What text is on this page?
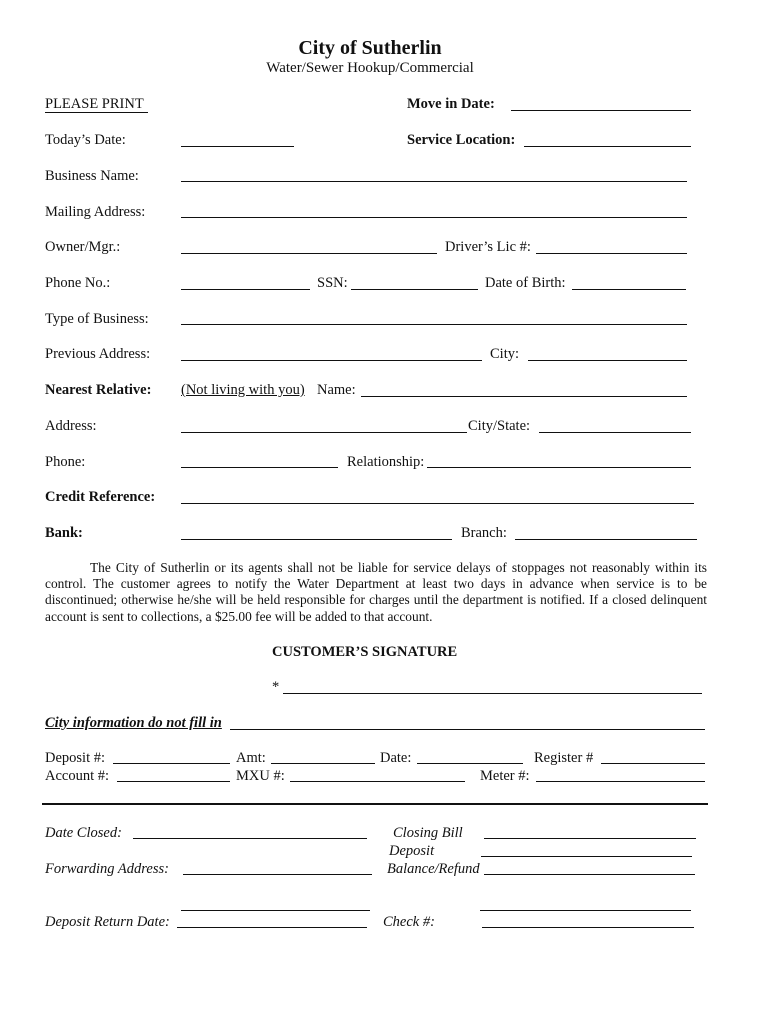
City of Sutherlin
Water/Sewer Hookup/Commercial
PLEASE PRINT	Move in Date:
Today’s Date:	Service Location:
Business Name:
Mailing Address:
Owner/Mgr.:	Driver’s Lic #:
Phone No.:	SSN:	Date of Birth:
Type of Business:
Previous Address:	City:
Nearest Relative: (Not living with you) Name:
Address:	City/State:
Phone:	Relationship:
Credit Reference:
Bank:	Branch:
The City of Sutherlin or its agents shall not be liable for service delays of stoppages not reasonably within its control. The customer agrees to notify the Water Department at least two days in advance when service is to be discontinued; otherwise he/she will be held responsible for charges until the department is notified. If a closed delinquent account is sent to collections, a $25.00 fee will be added to that account.
CUSTOMER’S SIGNATURE
*
City information do not fill in
Deposit #:	Amt:	Date:	Register #
Account #:	MXU #:	Meter #:
Date Closed:	Closing Bill
Deposit
Forwarding Address:	Balance/Refund
Deposit Return Date:	Check #:
